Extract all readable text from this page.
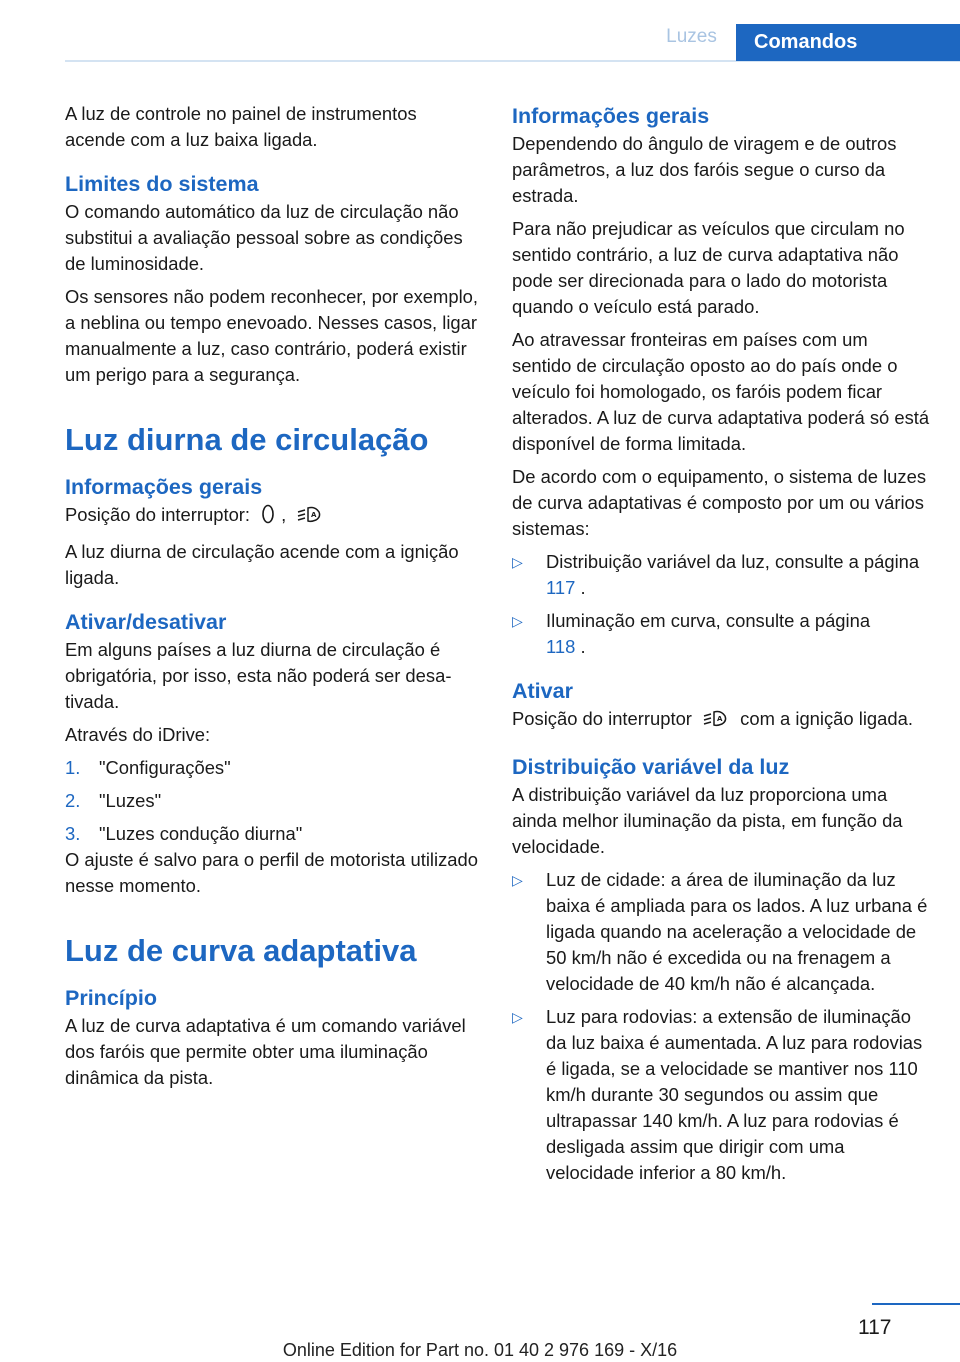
Luzes	Comandos

A luz de controle no painel de instrumentos acende com a luz baixa ligada.

Limites do sistema

O comando automático da luz de circulação não substitui a avaliação pessoal sobre as condições de luminosidade.

Os sensores não podem reconhecer, por exemplo, a neblina ou tempo enevoado. Nesses casos, ligar manualmente a luz, caso contrário, poderá existir um perigo para a segurança.

Luz diurna de circulação
Informações gerais

Posição do interruptor: ,	A

A luz diurna de circulação acende com a ignição ligada.

Ativar/desativar

Em alguns países a luz diurna de circulação é obrigatória, por isso, esta não poderá ser desativada.

Através do iDrive:

1.	"Configurações"
2.	"Luzes"
3.	"Luzes condução diurna"

O ajuste é salvo para o perfil de motorista utilizado nesse momento.

Luz de curva adaptativa
Princípio

A luz de curva adaptativa é um comando variável dos faróis que permite obter uma iluminação dinâmica da pista.

Informações gerais

Dependendo do ângulo de viragem e de outros parâmetros, a luz dos faróis segue o curso da estrada.

Para não prejudicar as veículos que circulam no sentido contrário, a luz de curva adaptativa não pode ser direcionada para o lado do motorista quando o veículo está parado.

Ao atravessar fronteiras em países com um sentido de circulação oposto ao do país onde o veículo foi homologado, os faróis podem ficar alterados. A luz de curva adaptativa poderá só está disponível de forma limitada.

De acordo com o equipamento, o sistema de luzes de curva adaptativas é composto por um ou vários sistemas:

▷	Distribuição variável da luz, consulte a página 117 .
▷	Iluminação em curva, consulte a página
118 .
Ativar

Posição do interruptor	A com a ignição ligada.

Distribuição variável da luz

A distribuição variável da luz proporciona uma ainda melhor iluminação da pista, em função da velocidade.

▷	Luz de cidade: a área de iluminação da luz baixa é ampliada para os lados. A luz urbana é ligada quando na aceleração a velocidade de 50 km/h não é excedida ou na frenagem a velocidade de 40 km/h não é alcançada.
▷	Luz para rodovias: a extensão de iluminação da luz baixa é aumentada. A luz para rodovias é ligada, se a velocidade se mantiver nos 110 km/h durante 30 segundos ou assim que ultrapassar 140 km/h. A luz para rodovias é desligada assim que dirigir com uma velocidade inferior a 80 km/h.
117
Online Edition for Part no. 01 40 2 976 169 - X/16
